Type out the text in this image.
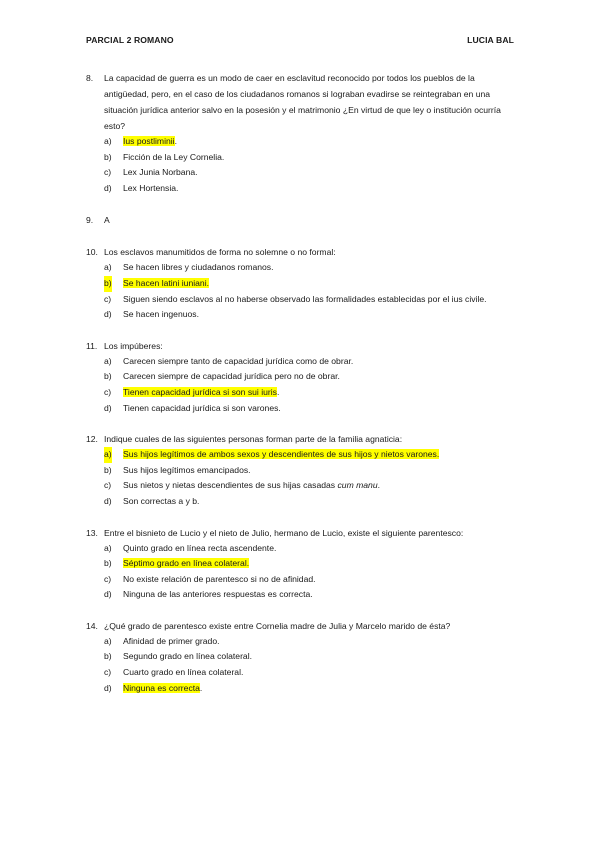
PARCIAL 2 ROMANO	LUCIA BAL
8. La capacidad de guerra es un modo de caer en esclavitud reconocido por todos los pueblos de la antigüedad, pero, en el caso de los ciudadanos romanos si lograban evadirse se reintegraban en una situación jurídica anterior salvo en la posesión y el matrimonio ¿En virtud de que ley o institución ocurría esto?
a) Ius postliminii.
b) Ficción de la Ley Cornelia.
c) Lex Junia Norbana.
d) Lex Hortensia.
9. A
10. Los esclavos manumitidos de forma no solemne o no formal:
a) Se hacen libres y ciudadanos romanos.
b) Se hacen latini iuniani.
c) Siguen siendo esclavos al no haberse observado las formalidades establecidas por el ius civile.
d) Se hacen ingenuos.
11. Los impúberes:
a) Carecen siempre tanto de capacidad jurídica como de obrar.
b) Carecen siempre de capacidad jurídica pero no de obrar.
c) Tienen capacidad jurídica si son sui iuris.
d) Tienen capacidad jurídica si son varones.
12. Indique cuales de las siguientes personas forman parte de la familia agnaticia:
a) Sus hijos legítimos de ambos sexos y descendientes de sus hijos y nietos varones.
b) Sus hijos legítimos emancipados.
c) Sus nietos y nietas descendientes de sus hijas casadas cum manu.
d) Son correctas a y b.
13. Entre el bisnieto de Lucio y el nieto de Julio, hermano de Lucio, existe el siguiente parentesco:
a) Quinto grado en línea recta ascendente.
b) Séptimo grado en línea colateral.
c) No existe relación de parentesco si no de afinidad.
d) Ninguna de las anteriores respuestas es correcta.
14. ¿Qué grado de parentesco existe entre Cornelia madre de Julia y Marcelo marido de ésta?
a) Afinidad de primer grado.
b) Segundo grado en línea colateral.
c) Cuarto grado en línea colateral.
d) Ninguna es correcta.
